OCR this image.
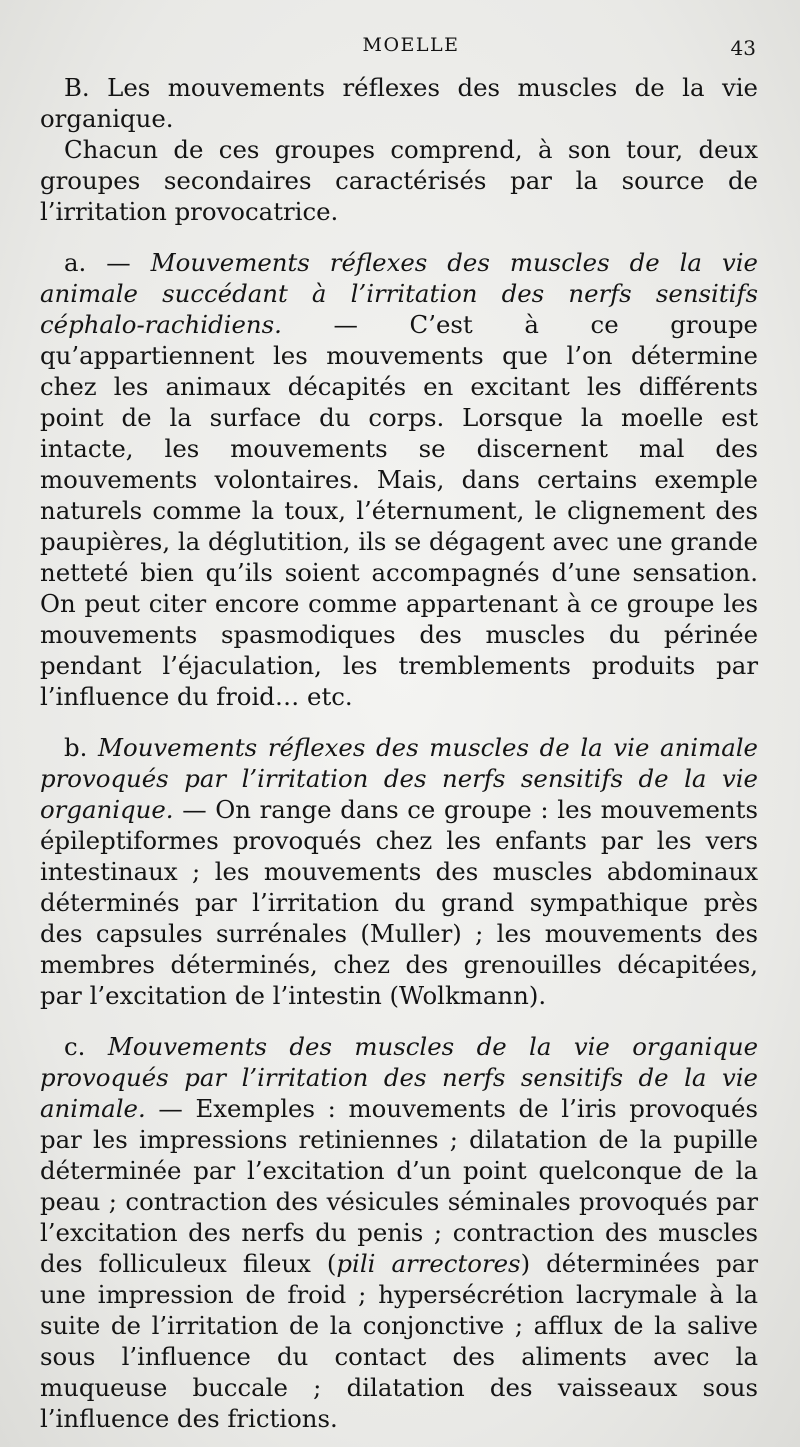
MOELLE	43

B. Les mouvements réflexes des muscles de la vie organique.

Chacun de ces groupes comprend, à son tour, deux groupes secondaires caractérisés par la source de l’irritation provocatrice.

a. — Mouvements réflexes des muscles de la vie animale succédant à l’irritation des nerfs sensitifs céphalo-rachidiens. — C’est à ce groupe qu’appartiennent les mouvements que l’on détermine chez les animaux décapités en excitant les différents point de la surface du corps. Lorsque la moelle est intacte, les mouvements se discernent mal des mouvements volontaires. Mais, dans certains exemple naturels comme la toux, l’éternument, le clignement des paupières, la déglutition, ils se dégagent avec une grande netteté bien qu’ils soient accompagnés d’une sensation. On peut citer encore comme appartenant à ce groupe les mouvements spasmodiques des muscles du périnée pendant l’éjaculation, les tremblements produits par l’influence du froid… etc.

b. Mouvements réflexes des muscles de la vie animale provoqués par l’irritation des nerfs sensitifs de la vie organique. — On range dans ce groupe : les mouvements épileptiformes provoqués chez les enfants par les vers intestinaux ; les mouvements des muscles abdominaux déterminés par l’irritation du grand sympathique près des capsules surrénales (Muller) ; les mouvements des membres déterminés, chez des grenouilles décapitées, par l’excitation de l’intestin (Wolkmann).

c. Mouvements des muscles de la vie organique provoqués par l’irritation des nerfs sensitifs de la vie animale. — Exemples : mouvements de l’iris provoqués par les impressions retiniennes ; dilatation de la pupille déterminée par l’excitation d’un point quelconque de la peau ; contraction des vésicules séminales provoqués par l’excitation des nerfs du penis ; contraction des muscles des folliculeux fileux (pili arrectores) déterminées par une impression de froid ; hypersécrétion lacrymale à la suite de l’irritation de la conjonctive ; afflux de la salive sous l’influence du contact des aliments avec la muqueuse buccale ; dilatation des vaisseaux sous l’influence des frictions.
